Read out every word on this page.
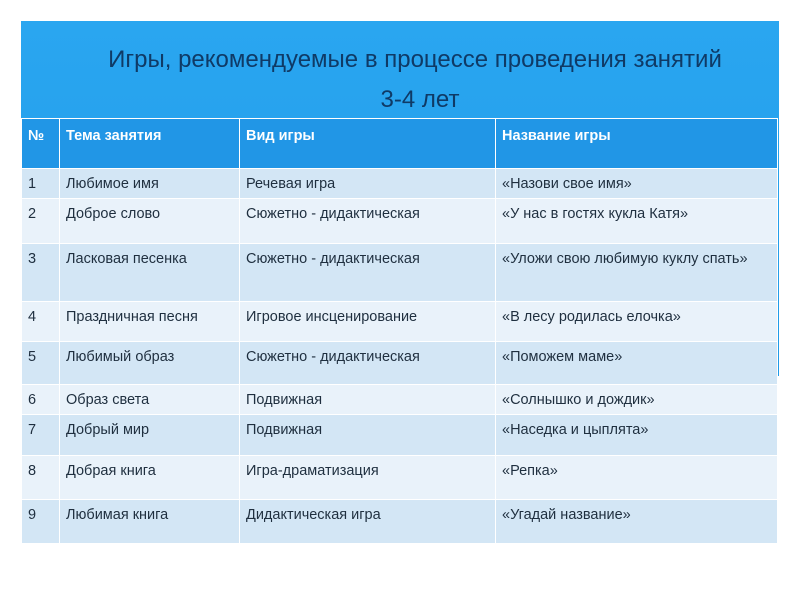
Игры, рекомендуемые в процессе проведения занятий
3-4 лет
№	Тема занятия	Вид игры	Название игры
1	Любимое имя	Речевая игра	«Назови свое имя»
2	Доброе слово	Сюжетно - дидактическая	«У нас в гостях кукла Катя»
3	Ласковая песенка	Сюжетно - дидактическая	«Уложи свою любимую куклу спать»
4	Праздничная песня	Игровое инсценирование	«В лесу родилась елочка»
5	Любимый образ	Сюжетно - дидактическая	«Поможем маме»
6	Образ света	Подвижная	«Солнышко и дождик»
7	Добрый мир	Подвижная	«Наседка и цыплята»
8	Добрая книга	Игра-драматизация	«Репка»
9	Любимая книга	Дидактическая игра	«Угадай название»
